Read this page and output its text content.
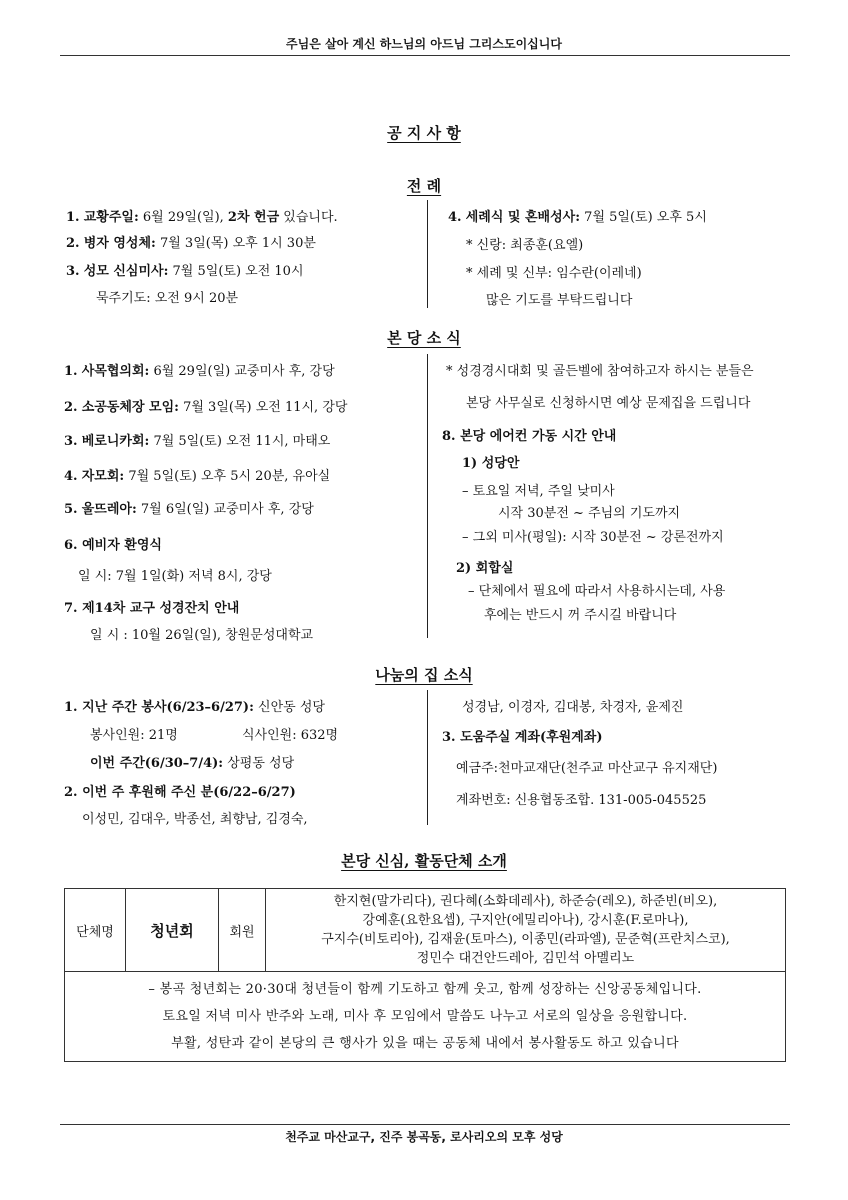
주님은 살아 계신 하느님의 아드님 그리스도이십니다
공 지 사 항
전 례
1. 교황주일: 6월 29일(일), 2차 헌금 있습니다.
2. 병자 영성체: 7월 3일(목) 오후 1시 30분
3. 성모 신심미사: 7월 5일(토) 오전 10시
묵주기도: 오전 9시 20분
4. 세례식 및 혼배성사: 7월 5일(토) 오후 5시
* 신랑: 최종훈(요엘)
* 세례 및 신부: 임수란(이레네)
많은 기도를 부탁드립니다
본 당 소 식
1. 사목협의회: 6월 29일(일) 교중미사 후, 강당
2. 소공동체장 모임: 7월 3일(목) 오전 11시, 강당
3. 베로니카회: 7월 5일(토) 오전 11시, 마태오
4. 자모회: 7월 5일(토) 오후 5시 20분, 유아실
5. 울뜨레아: 7월 6일(일) 교중미사 후, 강당
6. 예비자 환영식
일 시: 7월 1일(화) 저녁 8시, 강당
7. 제14차 교구 성경잔치 안내
일 시 : 10월 26일(일), 창원문성대학교
* 성경경시대회 및 골든벨에 참여하고자 하시는 분들은
본당 사무실로 신청하시면 예상 문제집을 드립니다
8. 본당 에어컨 가동 시간 안내
1) 성당안
– 토요일 저녁, 주일 낮미사
시작 30분전 ~ 주님의 기도까지
– 그외 미사(평일): 시작 30분전 ~ 강론전까지
2) 회합실
– 단체에서 필요에 따라서 사용하시는데, 사용
후에는 반드시 꺼 주시길 바랍니다
나눔의 집 소식
1. 지난 주간 봉사(6/23–6/27): 신안동 성당
봉사인원: 21명	식사인원: 632명
이번 주간(6/30–7/4): 상평동 성당
2. 이번 주 후원해 주신 분(6/22–6/27)
이성민, 김대우, 박종선, 최향남, 김경숙,
성경남, 이경자, 김대봉, 차경자, 윤제진
3. 도움주실 계좌(후원계좌)
예금주:천마교재단(천주교 마산교구 유지재단)
계좌번호: 신용협동조합. 131-005-045525
본당 신심, 활동단체 소개
단체명	청년회	회원	
한지현(말가리다), 권다혜(소화데레사), 하준승(레오), 하준빈(비오),
강예훈(요한요셉), 구지안(에밀리아나), 강시훈(F.로마나),
구지수(비토리아), 김재윤(토마스), 이종민(라파엘), 문준혁(프란치스코),
정민수 대건안드레아, 김민석 아멜리노

– 봉곡 청년회는 20·30대 청년들이 함께 기도하고 함께 웃고, 함께 성장하는 신앙공동체입니다.
토요일 저녁 미사 반주와 노래, 미사 후 모임에서 말씀도 나누고 서로의 일상을 응원합니다.
부활, 성탄과 같이 본당의 큰 행사가 있을 때는 공동체 내에서 봉사활동도 하고 있습니다
천주교 마산교구, 진주 봉곡동, 로사리오의 모후 성당
